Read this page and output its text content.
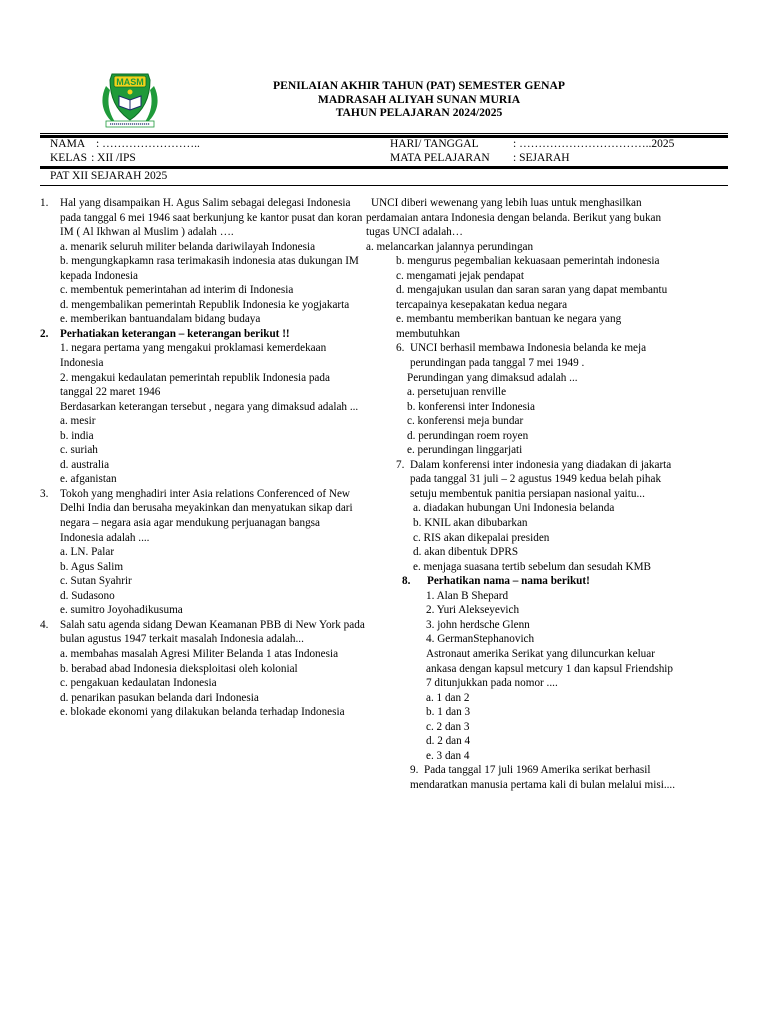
MASM	PENILAIAN AKHIR TAHUN (PAT) SEMESTER GENAP
MADRASAH ALIYAH SUNAN MURIA
TAHUN PELAJARAN 2024/2025
NAMA : ……………………..
KELAS : XII /IPS
HARI/ TANGGAL	: ……………………………..2025
MATA PELAJARAN : SEJARAH
PAT XII SEJARAH 2025
1.	Hal yang disampaikan H. Agus Salim sebagai delegasi Indonesia pada tanggal 6 mei 1946 saat berkunjung ke kantor pusat dan koran IM ( Al Ikhwan al Muslim ) adalah ….

a. menarik seluruh militer belanda dariwilayah Indonesia

b. mengungkapkamn rasa terimakasih indonesia atas dukungan IM kepada Indonesia

c. membentuk pemerintahan ad interim di Indonesia

d. mengembalikan pemerintah Republik Indonesia ke yogjakarta

e. memberikan bantuandalam bidang budaya

2.	Perhatiakan keterangan – keterangan berikut !!

1. negara pertama yang mengakui proklamasi kemerdekaan Indonesia

2. mengakui kedaulatan pemerintah republik Indonesia pada tanggal 22 maret 1946

Berdasarkan keterangan tersebut , negara yang dimaksud adalah ...

a. mesir

b. india

c. suriah

d. australia

e. afganistan

3.	Tokoh yang menghadiri inter Asia relations Conferenced of New Delhi India dan berusaha meyakinkan dan menyatukan sikap dari negara – negara asia agar mendukung perjuanagan bangsa Indonesia adalah ....

a. LN. Palar

b. Agus Salim

c. Sutan Syahrir

d. Sudasono

e. sumitro Joyohadikusuma

4.	Salah satu agenda sidang Dewan Keamanan PBB di New York pada bulan agustus 1947 terkait masalah Indonesia adalah...

a. membahas masalah Agresi Militer Belanda 1 atas Indonesia

b. berabad abad Indonesia dieksploitasi oleh kolonial

c. pengakuan kedaulatan Indonesia

d. penarikan pasukan belanda dari Indonesia

e. blokade ekonomi yang dilakukan belanda terhadap Indonesia

UNCI diberi wewenang yang lebih luas untuk menghasilkan perdamaian antara Indonesia dengan belanda. Berikut yang bukan tugas UNCI adalah…

a. melancarkan jalannya perundingan

b. mengurus pegembalian kekuasaan pemerintah indonesia

c. mengamati jejak pendapat

d. mengajukan usulan dan saran saran yang dapat membantu tercapainya kesepakatan kedua negara

e. membantu memberikan bantuan ke negara yang membutuhkan

6. UNCI berhasil membawa Indonesia belanda ke meja perundingan pada tanggal 7 mei 1949 .

Perundingan yang dimaksud adalah ...

a. persetujuan renville

b. konferensi inter Indonesia

c. konferensi meja bundar

d. perundingan roem royen

e. perundingan linggarjati

7. Dalam konferensi inter indonesia yang diadakan di jakarta pada tanggal 31 juli – 2 agustus 1949 kedua belah pihak setuju membentuk panitia persiapan nasional yaitu...

a. diadakan hubungan Uni Indonesia belanda

b. KNIL akan dibubarkan

c. RIS akan dikepalai presiden

d. akan dibentuk DPRS

e. menjaga suasana tertib sebelum dan sesudah KMB

8. Perhatikan nama – nama berikut!

1. Alan B Shepard

2. Yuri Alekseyevich

3. john herdsche Glenn

4. GermanStephanovich

Astronaut amerika Serikat yang diluncurkan keluar ankasa dengan kapsul metcury 1 dan kapsul Friendship 7 ditunjukkan pada nomor ....

a. 1 dan 2

b. 1 dan 3

c. 2 dan 3

d. 2 dan 4

e. 3 dan 4

9. Pada tanggal 17 juli 1969 Amerika serikat berhasil mendaratkan manusia pertama kali di bulan melalui misi....
